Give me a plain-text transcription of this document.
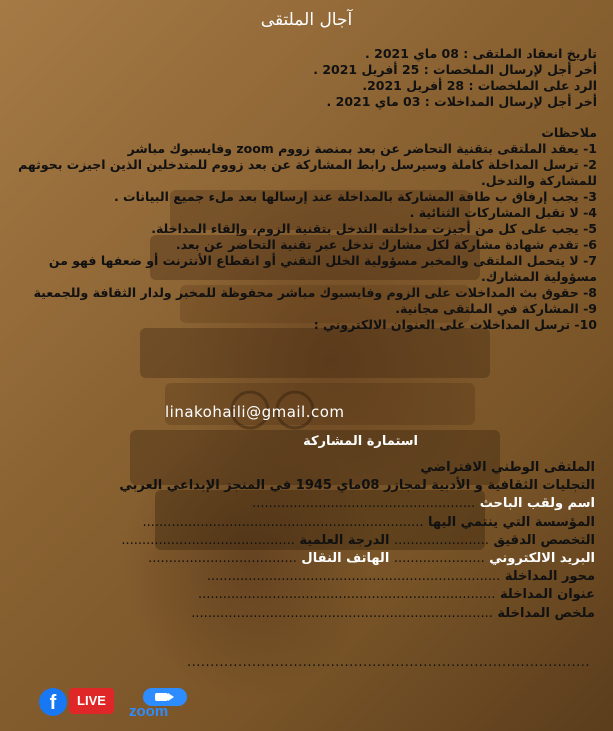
آجال الملتقى
تاريخ انعقاد الملتقى : 08 ماي 2021 .
أخر أجل لإرسال الملخصات : 25 أفريل 2021 .
الرد على الملخصات : 28 أفريل 2021.
أخر أجل لإرسال المداخلات : 03 ماي 2021 .
ملاحظات
1- يعقد الملتقى بتقنية التحاضر عن بعد بمنصة زووم zoom وفايسبوك مباشر
2- ترسل المداخلة كاملة وسيرسل رابط المشاركة عن بعد زووم للمتدخلين الذين اجيزت بحوثهم للمشاركة والتدخل.
3- يجب إرفاق ب طاقة المشاركة بالمداخلة عند إرسالها بعد ملء جميع البيانات .
4- لا تقبل المشاركات الثنائية .
5- يجب على كل من أجيزت مداخلته التدخل بتقنية الزوم، وإلقاء المداخلة.
6- تقدم شهادة مشاركة لكل مشارك تدخل عبر تقنية التحاضر عن بعد.
7- لا يتحمل الملتقى والمخبر مسؤولية الخلل التقني أو انقطاع الأنترنت أو ضعفها فهو من مسؤولية المشارك.
8- حقوق بث المداخلات على الزوم وفايسبوك مباشر محفوظة للمخبر ولدار الثقافة وللجمعية
9- المشاركة في الملتقى مجانية.
10- ترسل المداخلات على العنوان الالكتروني :
linakohaili@gmail.com
استمارة المشاركة
الملتقى الوطني الافتراضي
التجليات الثقافية و الأدبية لمجازر 08ماي 1945 في المنجز الإبداعي العربي
اسم ولقب الباحث ......................................................
المؤسسة التي ينتمي اليها ....................................................................
التخصص الدقيق ....................... الدرجة العلمية ..........................................
البريد الالكتروني ...................... الهاتف النقال ....................................
محور المداخلة .......................................................................
عنوان المداخلة ........................................................................
ملخص المداخلة .........................................................................
.......................................................................................
f	LIVE
zoom
